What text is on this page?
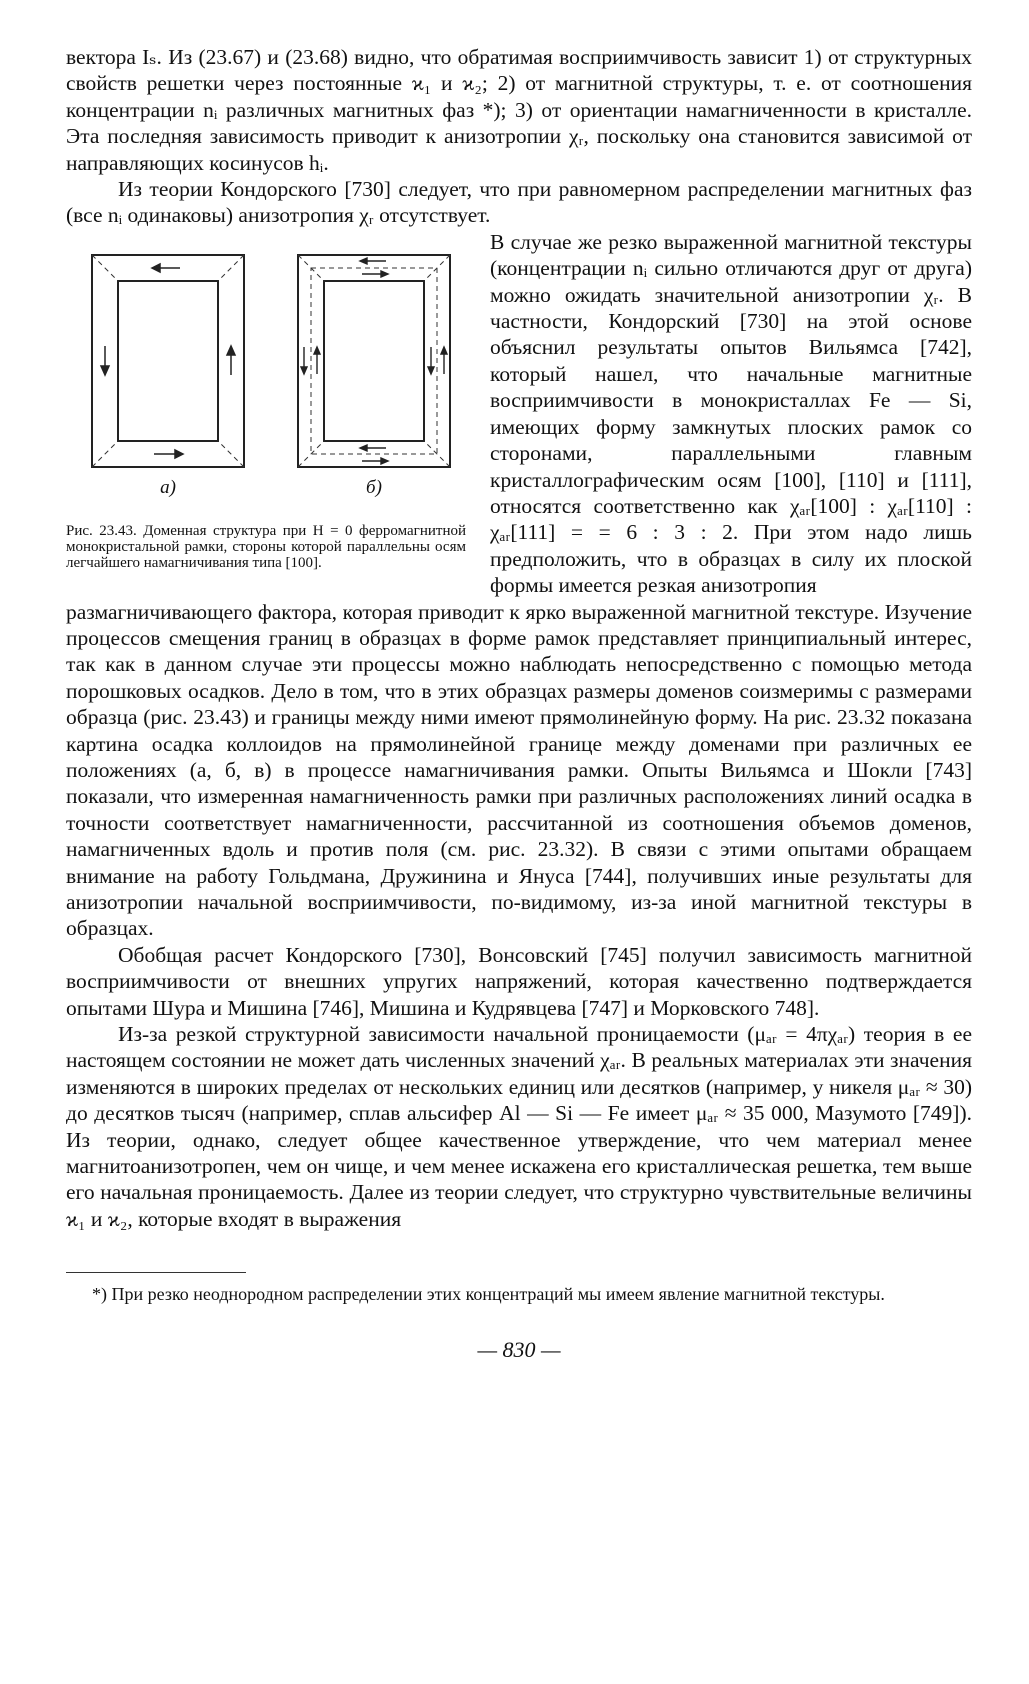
вектора Iₛ. Из (23.67) и (23.68) видно, что обратимая восприимчивость зависит 1) от структурных свойств решетки через постоянные ϰ₁ и ϰ₂; 2) от магнитной структуры, т. е. от соотношения концентрации nᵢ различных магнитных фаз *); 3) от ориентации намагниченности в кристалле. Эта последняя зависимость приводит к анизотропии χᵣ, поскольку она становится зависимой от направляющих косинусов hᵢ.

Из теории Кондорского [730] следует, что при равномерном распределении магнитных фаз (все nᵢ одинаковы) анизотропия χᵣ отсутствует.

а)	б)

Рис. 23.43. Доменная структура при H = 0 ферромагнитной монокристальной рамки, стороны которой параллельны осям легчайшего намагничивания типа [100].

В случае же резко выраженной магнитной текстуры (концентрации nᵢ сильно отличаются друг от друга) можно ожидать значительной анизотропии χᵣ. В частности, Кондорский [730] на этой основе объяснил результаты опытов Вильямса [742], который нашел, что начальные магнитные восприимчивости в монокристаллах Fe — Si, имеющих форму замкнутых плоских рамок со сторонами, параллельными главным кристаллографическим осям [100], [110] и [111], относятся соответственно как χₐᵣ[100] : χₐᵣ[110] : χₐᵣ[111] = = 6 : 3 : 2. При этом надо лишь предположить, что в образцах в силу их плоской формы имеется резкая анизотропия

размагничивающего фактора, которая приводит к ярко выраженной магнитной текстуре. Изучение процессов смещения границ в образцах в форме рамок представляет принципиальный интерес, так как в данном случае эти процессы можно наблюдать непосредственно с помощью метода порошковых осадков. Дело в том, что в этих образцах размеры доменов соизмеримы с размерами образца (рис. 23.43) и границы между ними имеют прямолинейную форму. На рис. 23.32 показана картина осадка коллоидов на прямолинейной границе между доменами при различных ее положениях (а, б, в) в процессе намагничивания рамки. Опыты Вильямса и Шокли [743] показали, что измеренная намагниченность рамки при различных расположениях линий осадка в точности соответствует намагниченности, рассчитанной из соотношения объемов доменов, намагниченных вдоль и против поля (см. рис. 23.32). В связи с этими опытами обращаем внимание на работу Гольдмана, Дружинина и Януса [744], получивших иные результаты для анизотропии начальной восприимчивости, по-видимому, из-за иной магнитной текстуры в образцах.

Обобщая расчет Кондорского [730], Вонсовский [745] получил зависимость магнитной восприимчивости от внешних упругих напряжений, которая качественно подтверждается опытами Шура и Мишина [746], Мишина и Кудрявцева [747] и Морковского 748].

Из-за резкой структурной зависимости начальной проницаемости (μₐᵣ = 4πχₐᵣ) теория в ее настоящем состоянии не может дать численных значений χₐᵣ. В реальных материалах эти значения изменяются в широких пределах от нескольких единиц или десятков (например, у никеля μₐᵣ ≈ 30) до десятков тысяч (например, сплав альсифер Al — Si — Fe имеет μₐᵣ ≈ 35 000, Мазумото [749]). Из теории, однако, следует общее качественное утверждение, что чем материал менее магнитоанизотропен, чем он чище, и чем менее искажена его кристаллическая решетка, тем выше его начальная проницаемость. Далее из теории следует, что структурно чувствительные величины ϰ₁ и ϰ₂, которые входят в выражения

*) При резко неоднородном распределении этих концентраций мы имеем явление магнитной текстуры.

— 830 —
